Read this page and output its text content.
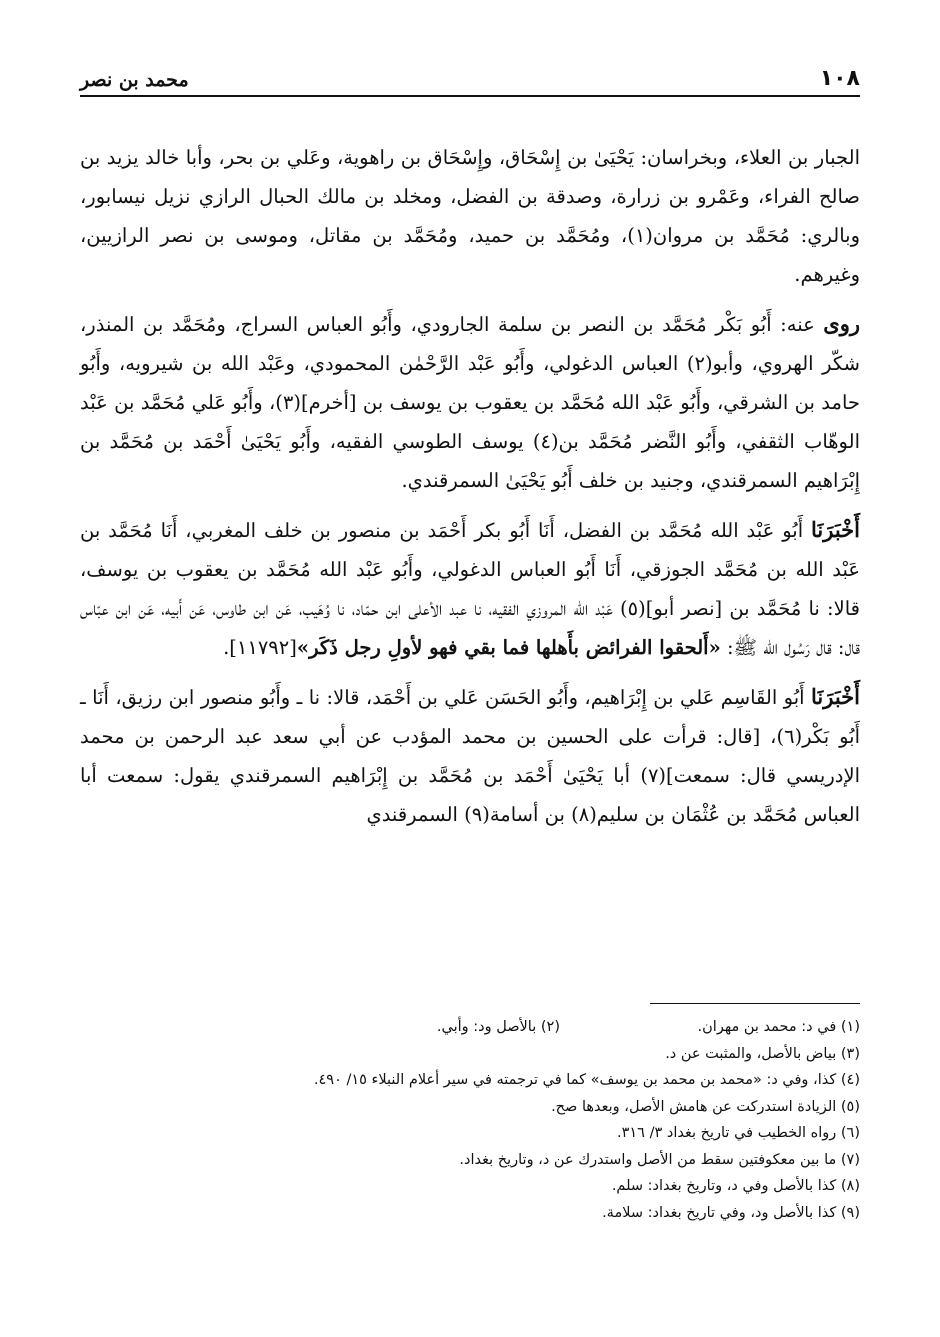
١٠٨
محمد بن نصر

الجبار بن العلاء، وبخراسان: يَحْيَىٰ بن إِسْحَاق، وإِسْحَاق بن راهوية، وعَلي بن بحر، وأبا خالد يزيد بن صالح الفراء، وعَمْرو بن زرارة، وصدقة بن الفضل، ومخلد بن مالك الحبال الرازي نزيل نيسابور، وبالري: مُحَمَّد بن مروان(١)، ومُحَمَّد بن حميد، ومُحَمَّد بن مقاتل، وموسى بن نصر الرازيين، وغيرهم.

روى عنه: أَبُو بَكْر مُحَمَّد بن النصر بن سلمة الجارودي، وأَبُو العباس السراج، ومُحَمَّد بن المنذر، شكّر الهروي، وأبو(٢) العباس الدغولي، وأَبُو عَبْد الرَّحْمٰن المحمودي، وعَبْد الله بن شيرويه، وأَبُو حامد بن الشرقي، وأَبُو عَبْد الله مُحَمَّد بن يعقوب بن يوسف بن [أخرم](٣)، وأَبُو عَلي مُحَمَّد بن عَبْد الوهّاب الثقفي، وأَبُو النَّضر مُحَمَّد بن(٤) يوسف الطوسي الفقيه، وأَبُو يَحْيَىٰ أَحْمَد بن مُحَمَّد بن إِبْرَاهيم السمرقندي، وجنيد بن خلف أَبُو يَحْيَىٰ السمرقندي.

أَخْبَرَنَا أَبُو عَبْد الله مُحَمَّد بن الفضل، أَنَا أَبُو بكر أَحْمَد بن منصور بن خلف المغربي، أَنَا مُحَمَّد بن عَبْد الله بن مُحَمَّد الجوزقي، أَنَا أَبُو العباس الدغولي، وأَبُو عَبْد الله مُحَمَّد بن يعقوب بن يوسف، قالا: نا مُحَمَّد بن [نصر أبو](٥) عَبْد الله المروزي الفقيه، نا عبد الأعلى ابن حمّاد، نا وُهَيب، عَن ابن طاوس، عَن أَبيه، عَن ابن عبّاس قال: قال رَسُول الله ﷺ: «أَلحقوا الفرائض بأَهلها فما بقي فهو لأولِ رجل ذَكَر»[١١٧٩٢].

أَخْبَرَنَا أَبُو القَاسِم عَلي بن إِبْرَاهيم، وأَبُو الحَسَن عَلي بن أَحْمَد، قالا: نا ـ وأَبُو منصور ابن رزيق، أَنَا ـ أَبُو بَكْر(٦)، [قال: قرأت على الحسين بن محمد المؤدب عن أبي سعد عبد الرحمن بن محمد الإدريسي قال: سمعت](٧) أبا يَحْيَىٰ أَحْمَد بن مُحَمَّد بن إِبْرَاهيم السمرقندي يقول: سمعت أبا العباس مُحَمَّد بن عُثْمَان بن سليم(٨) بن أسامة(٩) السمرقندي

(١) في د: محمد بن مهران.
(٢) بالأصل ود: وأبي.
(٣) بياض بالأصل، والمثبت عن د.
(٤) كذا، وفي د: «محمد بن محمد بن يوسف» كما في ترجمته في سير أعلام النبلاء ١٥/ ٤٩٠.
(٥) الزيادة استدركت عن هامش الأصل، وبعدها صح.
(٦) رواه الخطيب في تاريخ بغداد ٣/ ٣١٦.
(٧) ما بين معكوفتين سقط من الأصل واستدرك عن د، وتاريخ بغداد.
(٨) كذا بالأصل وفي د، وتاريخ بغداد: سلم.
(٩) كذا بالأصل ود، وفي تاريخ بغداد: سلامة.
